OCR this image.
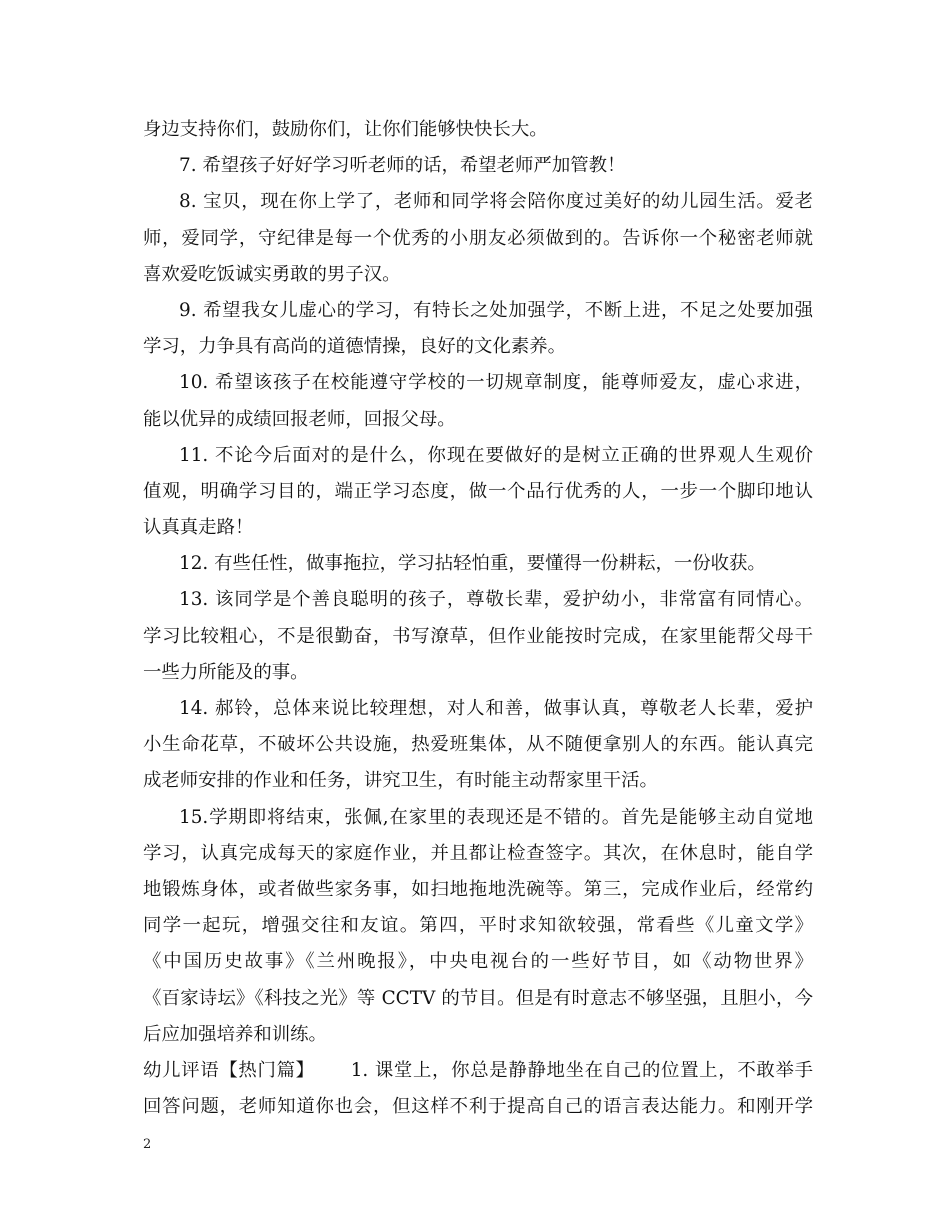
身边支持你们，鼓励你们，让你们能够快快长大。
7. 希望孩子好好学习听老师的话，希望老师严加管教！
8. 宝贝，现在你上学了，老师和同学将会陪你度过美好的幼儿园生活。爱老
师，爱同学，守纪律是每一个优秀的小朋友必须做到的。告诉你一个秘密老师就
喜欢爱吃饭诚实勇敢的男子汉。
9. 希望我女儿虚心的学习，有特长之处加强学，不断上进，不足之处要加强
学习，力争具有高尚的道德情操，良好的文化素养。
10. 希望该孩子在校能遵守学校的一切规章制度，能尊师爱友，虚心求进，
能以优异的成绩回报老师，回报父母。
11. 不论今后面对的是什么，你现在要做好的是树立正确的世界观人生观价
值观，明确学习目的，端正学习态度，做一个品行优秀的人，一步一个脚印地认
认真真走路！
12. 有些任性，做事拖拉，学习拈轻怕重，要懂得一份耕耘，一份收获。
13. 该同学是个善良聪明的孩子，尊敬长辈，爱护幼小，非常富有同情心。
学习比较粗心，不是很勤奋，书写潦草，但作业能按时完成，在家里能帮父母干
一些力所能及的事。
14. 郝铃，总体来说比较理想，对人和善，做事认真，尊敬老人长辈，爱护
小生命花草，不破坏公共设施，热爱班集体，从不随便拿别人的东西。能认真完
成老师安排的作业和任务，讲究卫生，有时能主动帮家里干活。
15.学期即将结束，张佩,在家里的表现还是不错的。首先是能够主动自觉地
学习，认真完成每天的家庭作业，并且都让检查签字。其次，在休息时，能自学
地锻炼身体，或者做些家务事，如扫地拖地洗碗等。第三，完成作业后，经常约
同学一起玩，增强交往和友谊。第四，平时求知欲较强，常看些《儿童文学》
《中国历史故事》《兰州晚报》，中央电视台的一些好节目，如《动物世界》
《百家诗坛》《科技之光》等 CCTV 的节目。但是有时意志不够坚强，且胆小，今
后应加强培养和训练。
幼儿评语【热门篇】 1. 课堂上，你总是静静地坐在自己的位置上，不敢举手
回答问题，老师知道你也会，但这样不利于提高自己的语言表达能力。和刚开学
2
